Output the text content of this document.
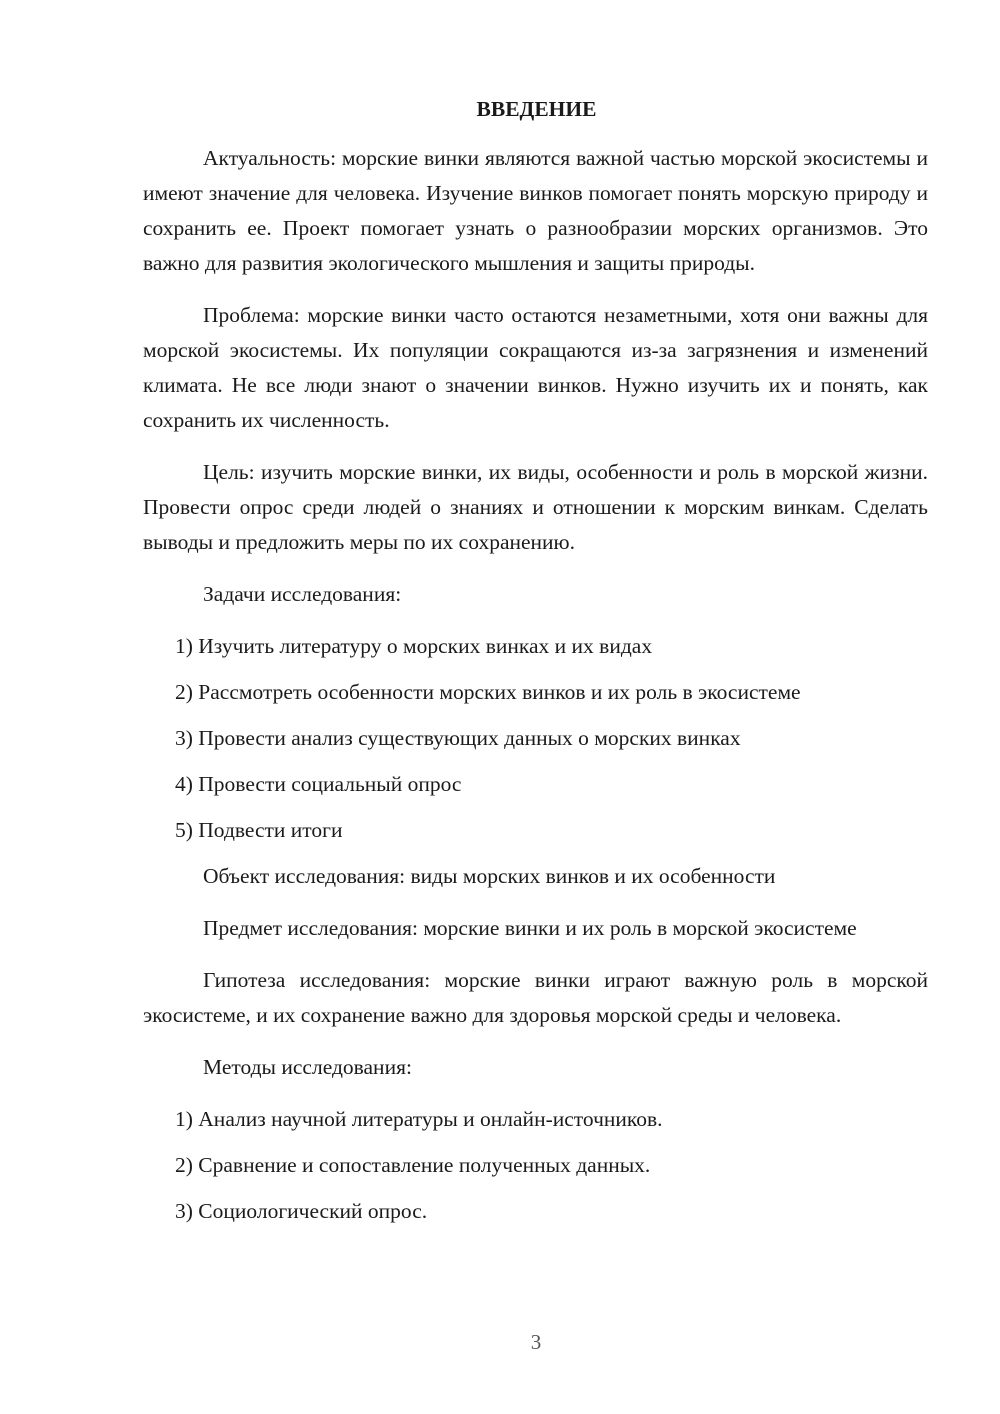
ВВЕДЕНИЕ

Актуальность: морские винки являются важной частью морской экосистемы и имеют значение для человека. Изучение винков помогает понять морскую природу и сохранить ее. Проект помогает узнать о разнообразии морских организмов. Это важно для развития экологического мышления и защиты природы.

Проблема: морские винки часто остаются незаметными, хотя они важны для морской экосистемы. Их популяции сокращаются из-за загрязнения и изменений климата. Не все люди знают о значении винков. Нужно изучить их и понять, как сохранить их численность.

Цель: изучить морские винки, их виды, особенности и роль в морской жизни. Провести опрос среди людей о знаниях и отношении к морским винкам. Сделать выводы и предложить меры по их сохранению.

Задачи исследования:

1) Изучить литературу о морских винках и их видах
2) Рассмотреть особенности морских винков и их роль в экосистеме
3) Провести анализ существующих данных о морских винках
4) Провести социальный опрос
5) Подвести итоги

Объект исследования: виды морских винков и их особенности

Предмет исследования: морские винки и их роль в морской экосистеме

Гипотеза исследования: морские винки играют важную роль в морской экосистеме, и их сохранение важно для здоровья морской среды и человека.

Методы исследования:

1) Анализ научной литературы и онлайн-источников.
2) Сравнение и сопоставление полученных данных.
3) Социологический опрос.
3
